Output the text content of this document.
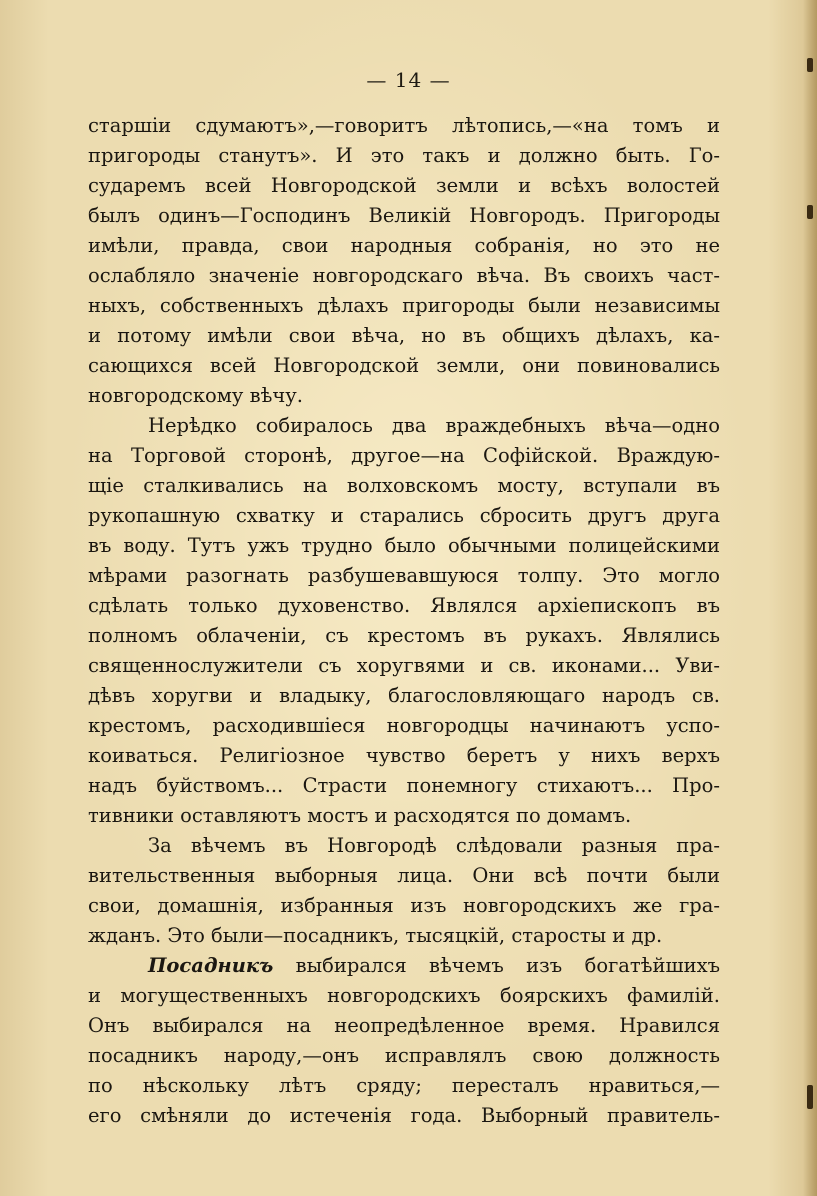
— 14 —
старшiи сдумаютъ»,—говоритъ лѣтопись,—«на томъ и
пригороды станутъ». И это такъ и должно быть. Го-
сударемъ всей Новгородской земли и всѣхъ волостей
былъ одинъ—Господинъ Великiй Новгородъ. Пригороды
имѣли, правда, свои народныя собранiя, но это не
ослабляло значенiе новгородскаго вѣча. Въ своихъ част-
ныхъ, собственныхъ дѣлахъ пригороды были независимы
и потому имѣли свои вѣча, но въ общихъ дѣлахъ, ка-
сающихся всей Новгородской земли, они повиновались
новгородскому вѣчу.
Нерѣдко собиралось два враждебныхъ вѣча—одно
на Торговой сторонѣ, другое—на Софiйской. Враждую-
щiе сталкивались на волховскомъ мосту, вступали въ
рукопашную схватку и старались сбросить другъ друга
въ воду. Тутъ ужъ трудно было обычными полицейскими
мѣрами разогнать разбушевавшуюся толпу. Это могло
сдѣлать только духовенство. Являлся архiепископъ въ
полномъ облаченiи, съ крестомъ въ рукахъ. Являлись
священнослужители съ хоругвями и св. иконами... Уви-
дѣвъ хоругви и владыку, благословляющаго народъ св.
крестомъ, расходившiеся новгородцы начинаютъ успо-
коиваться. Религiозное чувство беретъ у нихъ верхъ
надъ буйствомъ... Страсти понемногу стихаютъ... Про-
тивники оставляютъ мостъ и расходятся по домамъ.
За вѣчемъ въ Новгородѣ слѣдовали разныя пра-
вительственныя выборныя лица. Они всѣ почти были
свои, домашнiя, избранныя изъ новгородскихъ же гра-
жданъ. Это были—посадникъ, тысяцкiй, старосты и др.
Посадникъ выбирался вѣчемъ изъ богатѣйшихъ
и могущественныхъ новгородскихъ боярскихъ фамилiй.
Онъ выбирался на неопредѣленное время. Нравился
посадникъ народу,—онъ исправлялъ свою должность
по нѣскольку лѣтъ сряду; пересталъ нравиться,—
его смѣняли до истеченiя года. Выборный правитель-
